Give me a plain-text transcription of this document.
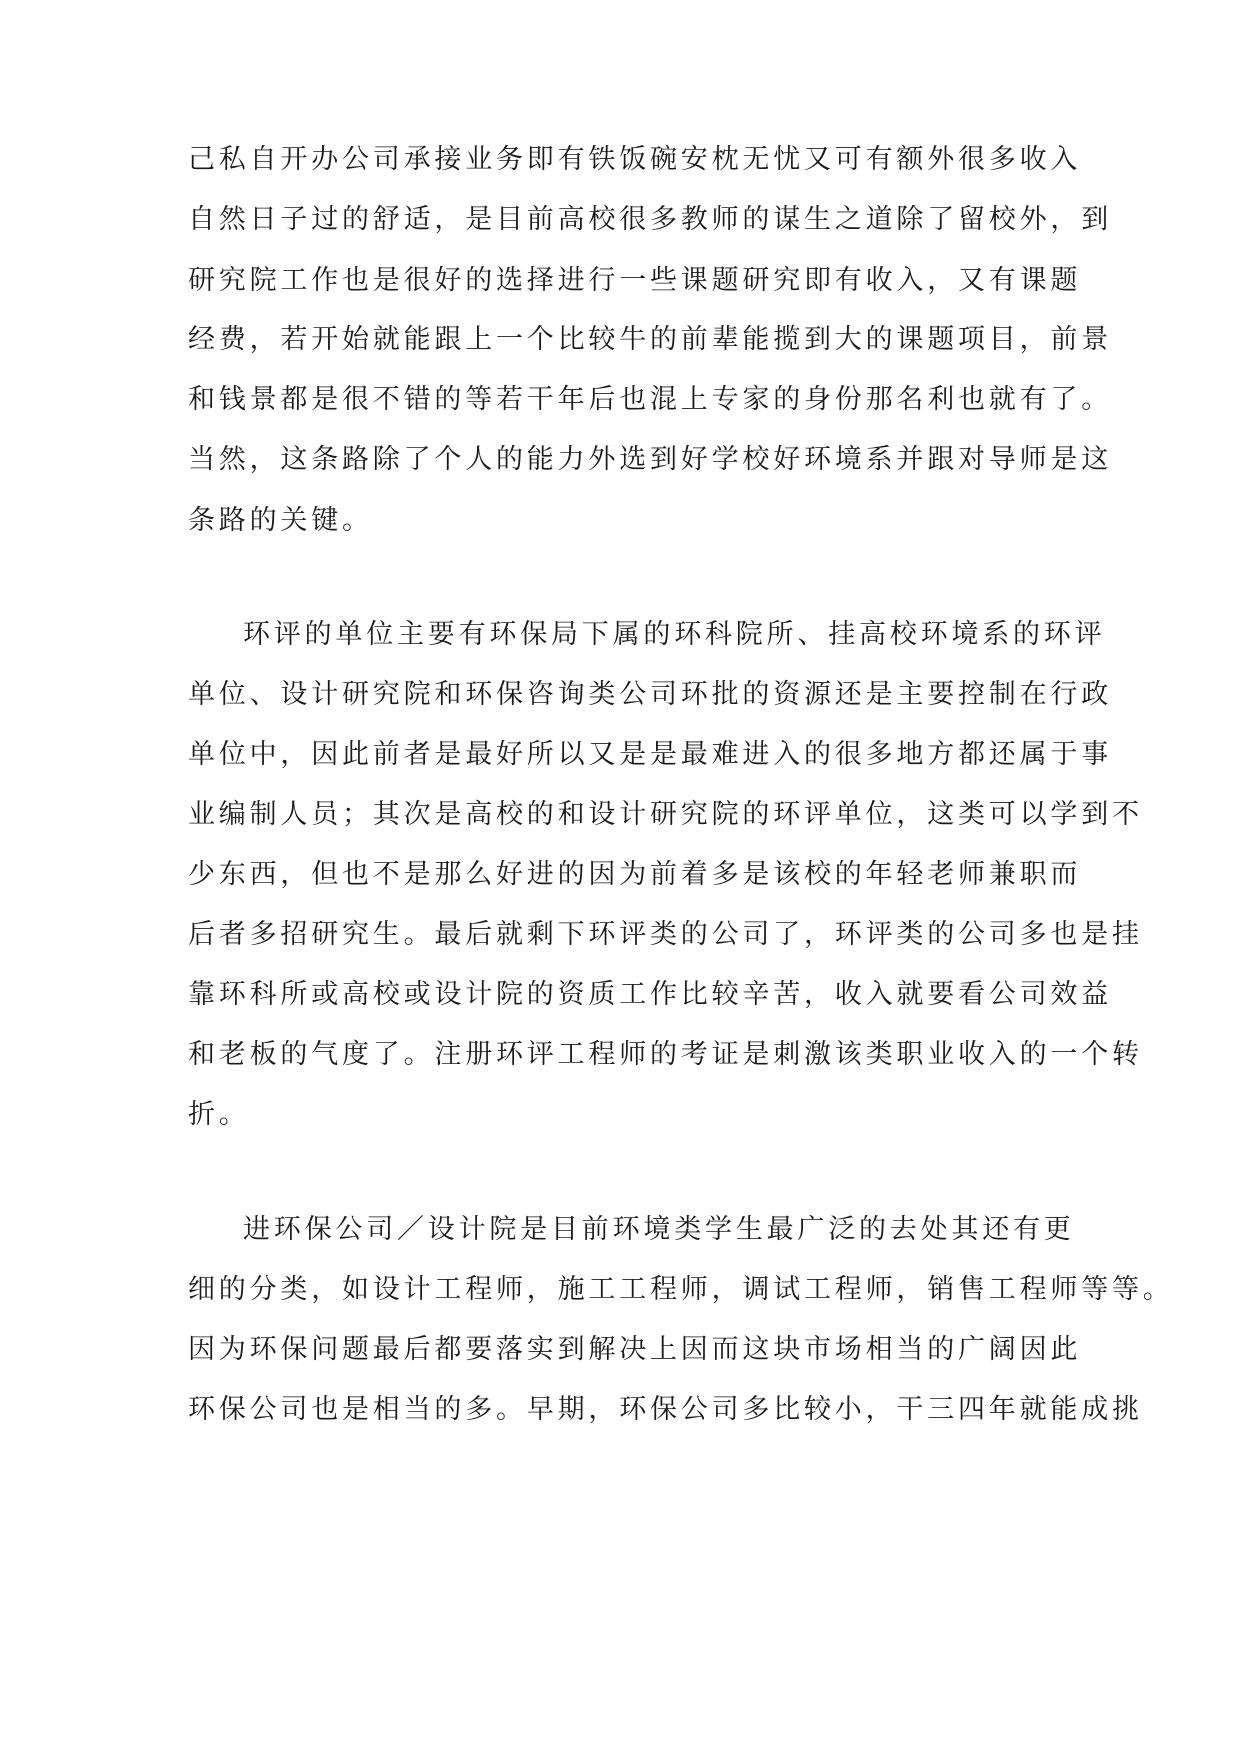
己私自开办公司承接业务即有铁饭碗安枕无忧又可有额外很多收入
自然日子过的舒适，是目前高校很多教师的谋生之道除了留校外，到
研究院工作也是很好的选择进行一些课题研究即有收入，又有课题
经费，若开始就能跟上一个比较牛的前辈能揽到大的课题项目，前景
和钱景都是很不错的等若干年后也混上专家的身份那名利也就有了。
当然，这条路除了个人的能力外选到好学校好环境系并跟对导师是这
条路的关键。
环评的单位主要有环保局下属的环科院所、挂高校环境系的环评
单位、设计研究院和环保咨询类公司环批的资源还是主要控制在行政
单位中，因此前者是最好所以又是是最难进入的很多地方都还属于事
业编制人员；其次是高校的和设计研究院的环评单位，这类可以学到不
少东西，但也不是那么好进的因为前着多是该校的年轻老师兼职而
后者多招研究生。最后就剩下环评类的公司了，环评类的公司多也是挂
靠环科所或高校或设计院的资质工作比较辛苦，收入就要看公司效益
和老板的气度了。注册环评工程师的考证是刺激该类职业收入的一个转
折。
进环保公司／设计院是目前环境类学生最广泛的去处其还有更
细的分类，如设计工程师，施工工程师，调试工程师，销售工程师等等。
因为环保问题最后都要落实到解决上因而这块市场相当的广阔因此
环保公司也是相当的多。早期，环保公司多比较小，干三四年就能成挑
